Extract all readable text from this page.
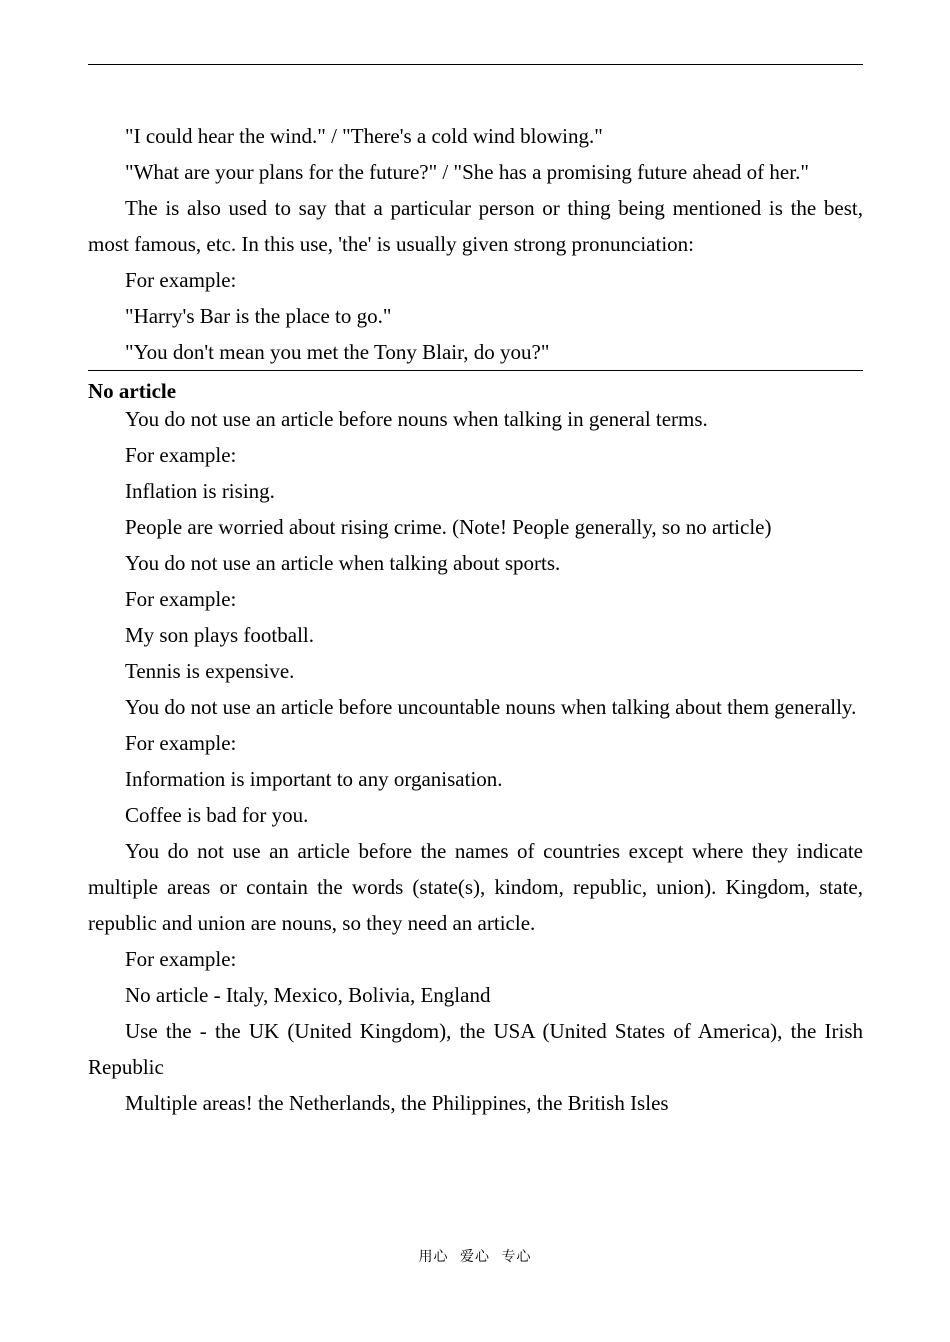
"I could hear the wind." / "There's a cold wind blowing."

"What are your plans for the future?" / "She has a promising future ahead of her."

The is also used to say that a particular person or thing being mentioned is the best, most famous, etc. In this use, 'the' is usually given strong pronunciation:

For example:

"Harry's Bar is the place to go."

"You don't mean you met the Tony Blair, do you?"

No article

You do not use an article before nouns when talking in general terms.

For example:

Inflation is rising.

People are worried about rising crime. (Note! People generally, so no article)

You do not use an article when talking about sports.

For example:

My son plays football.

Tennis is expensive.

You do not use an article before uncountable nouns when talking about them generally.

For example:

Information is important to any organisation.

Coffee is bad for you.

You do not use an article before the names of countries except where they indicate multiple areas or contain the words (state(s), kindom, republic, union). Kingdom, state, republic and union are nouns, so they need an article.

For example:

No article - Italy, Mexico, Bolivia, England

Use the - the UK (United Kingdom), the USA (United States of America), the Irish Republic

Multiple areas! the Netherlands, the Philippines, the British Isles

用心 爱心 专心
